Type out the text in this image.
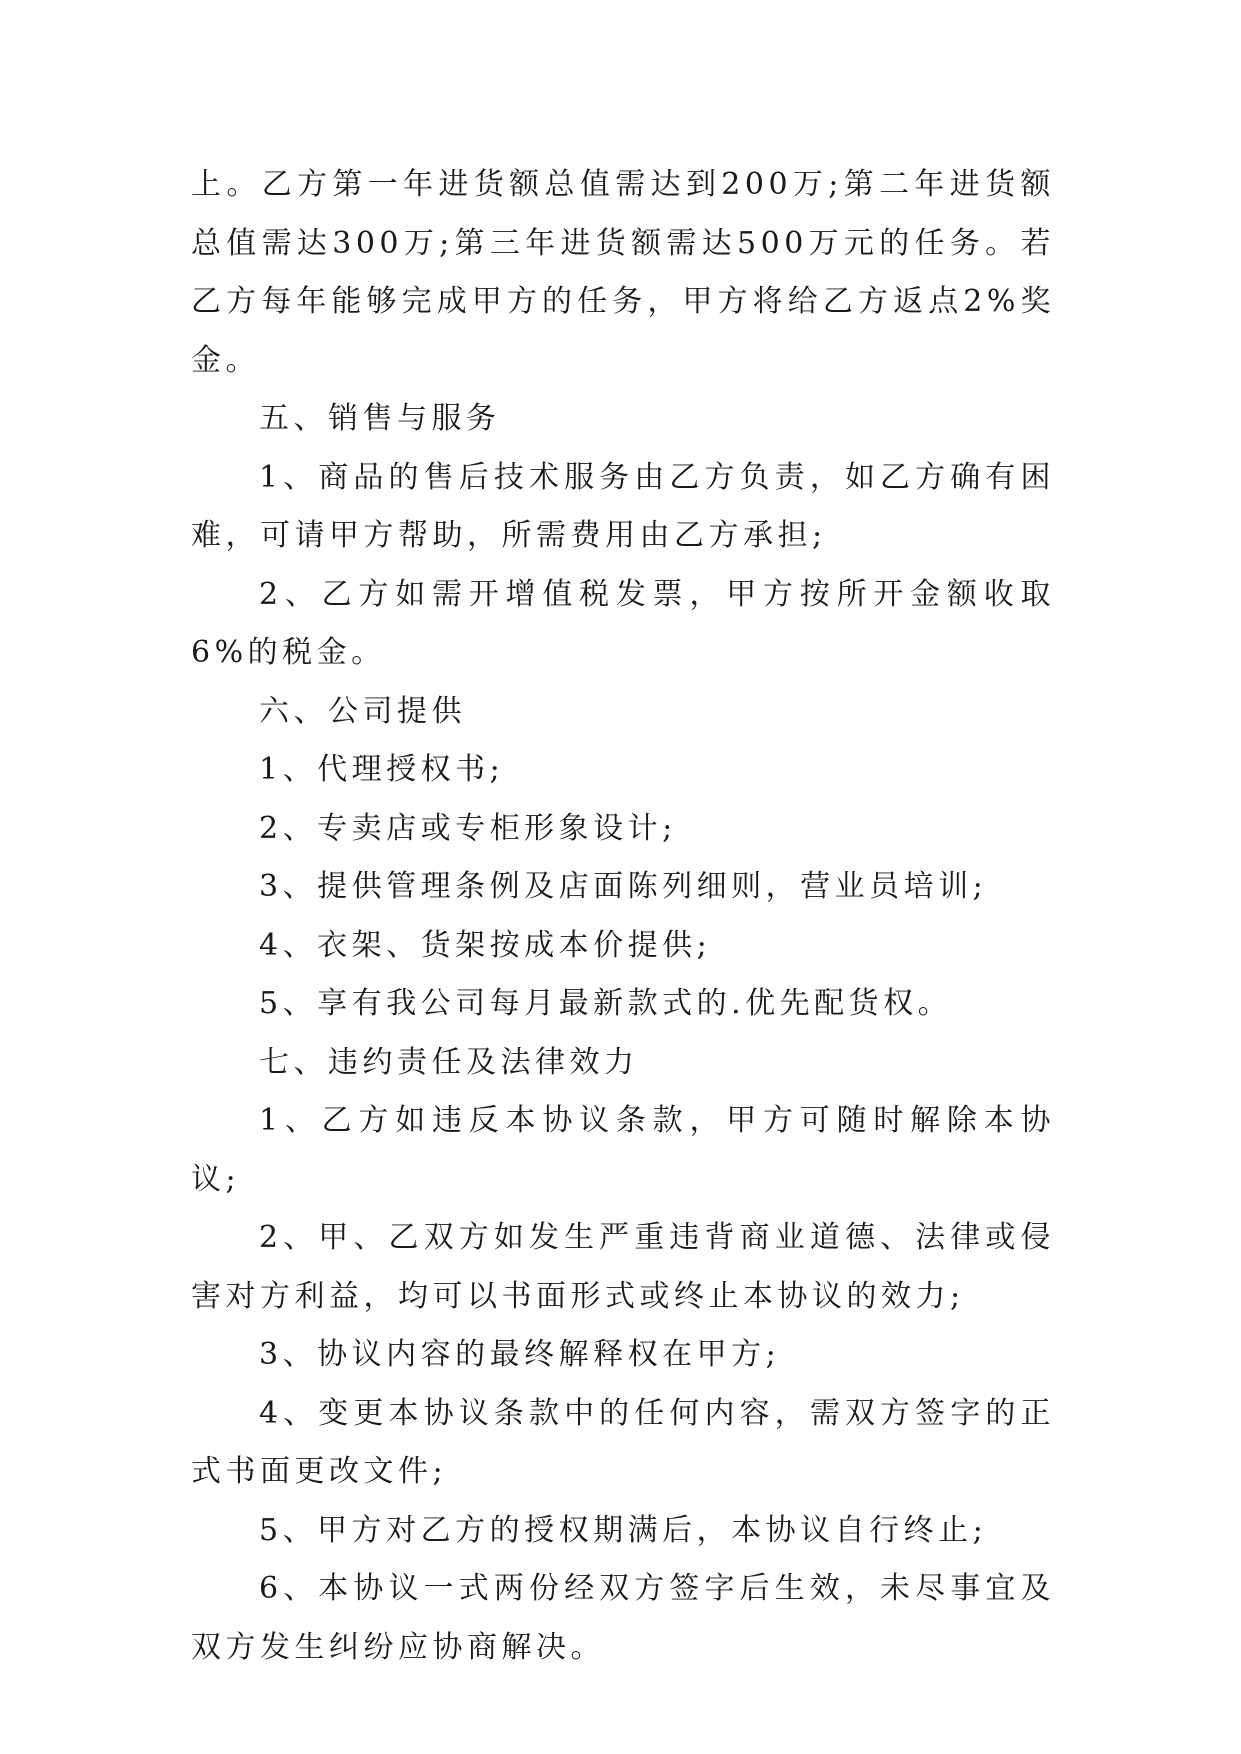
上。乙方第一年进货额总值需达到200万;第二年进货额总值需达300万;第三年进货额需达500万元的任务。若乙方每年能够完成甲方的任务，甲方将给乙方返点2%奖金。

五、销售与服务

1、商品的售后技术服务由乙方负责，如乙方确有困难，可请甲方帮助，所需费用由乙方承担;

2、乙方如需开增值税发票，甲方按所开金额收取6%的税金。

六、公司提供

1、代理授权书;

2、专卖店或专柜形象设计;

3、提供管理条例及店面陈列细则，营业员培训;

4、衣架、货架按成本价提供;

5、享有我公司每月最新款式的.优先配货权。

七、违约责任及法律效力

1、乙方如违反本协议条款，甲方可随时解除本协议;

2、甲、乙双方如发生严重违背商业道德、法律或侵害对方利益，均可以书面形式或终止本协议的效力;

3、协议内容的最终解释权在甲方;

4、变更本协议条款中的任何内容，需双方签字的正式书面更改文件;

5、甲方对乙方的授权期满后，本协议自行终止;

6、本协议一式两份经双方签字后生效，未尽事宜及双方发生纠纷应协商解决。
